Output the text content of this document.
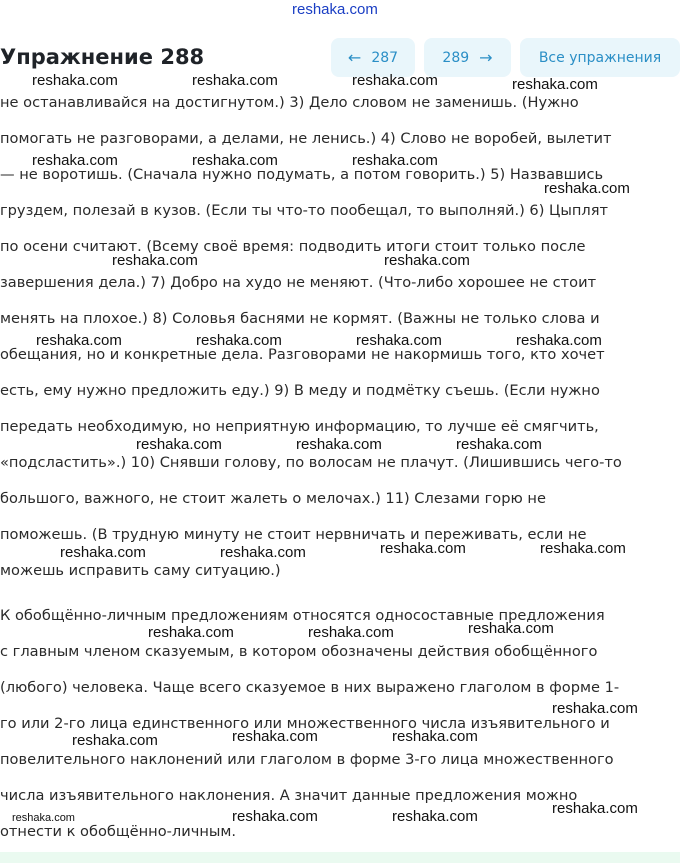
reshaka.com
Упражнение 288	← 287	289 →	Все упражнения

не останавливайся на достигнутом.) 3) Дело словом не заменишь. (Нужно

помогать не разговорами, а делами, не ленись.) 4) Слово не воробей, вылетит

— не воротишь. (Сначала нужно подумать, а потом говорить.) 5) Назвавшись

груздем, полезай в кузов. (Если ты что-то пообещал, то выполняй.) 6) Цыплят

по осени считают. (Всему своё время: подводить итоги стоит только после

завершения дела.) 7) Добро на худо не меняют. (Что-либо хорошее не стоит

менять на плохое.) 8) Соловья баснями не кормят. (Важны не только слова и

обещания, но и конкретные дела. Разговорами не накормишь того, кто хочет

есть, ему нужно предложить еду.) 9) В меду и подмётку съешь. (Если нужно

передать необходимую, но неприятную информацию, то лучше её смягчить,

«подсластить».) 10) Снявши голову, по волосам не плачут. (Лишившись чего-то

большого, важного, не стоит жалеть о мелочах.) 11) Слезами горю не

поможешь. (В трудную минуту не стоит нервничать и переживать, если не

можешь исправить саму ситуацию.)

К обобщённо-личным предложениям относятся односоставные предложения

с главным членом сказуемым, в котором обозначены действия обобщённого

(любого) человека. Чаще всего сказуемое в них выражено глаголом в форме 1-

го или 2-го лица единственного или множественного числа изъявительного и

повелительного наклонений или глаголом в форме 3-го лица множественного

числа изъявительного наклонения. А значит данные предложения можно

отнести к обобщённо-личным.

reshaka.com	reshaka.com	reshaka.com	reshaka.com
reshaka.com	reshaka.com	reshaka.com
reshaka.com
reshaka.com	reshaka.com
reshaka.com	reshaka.com	reshaka.com	reshaka.com
reshaka.com	reshaka.com	reshaka.com
reshaka.com	reshaka.com	reshaka.com	reshaka.com
reshaka.com	reshaka.com	reshaka.com
reshaka.com
reshaka.com	reshaka.com	reshaka.com
reshaka.com
reshaka.com	reshaka.com	reshaka.com
